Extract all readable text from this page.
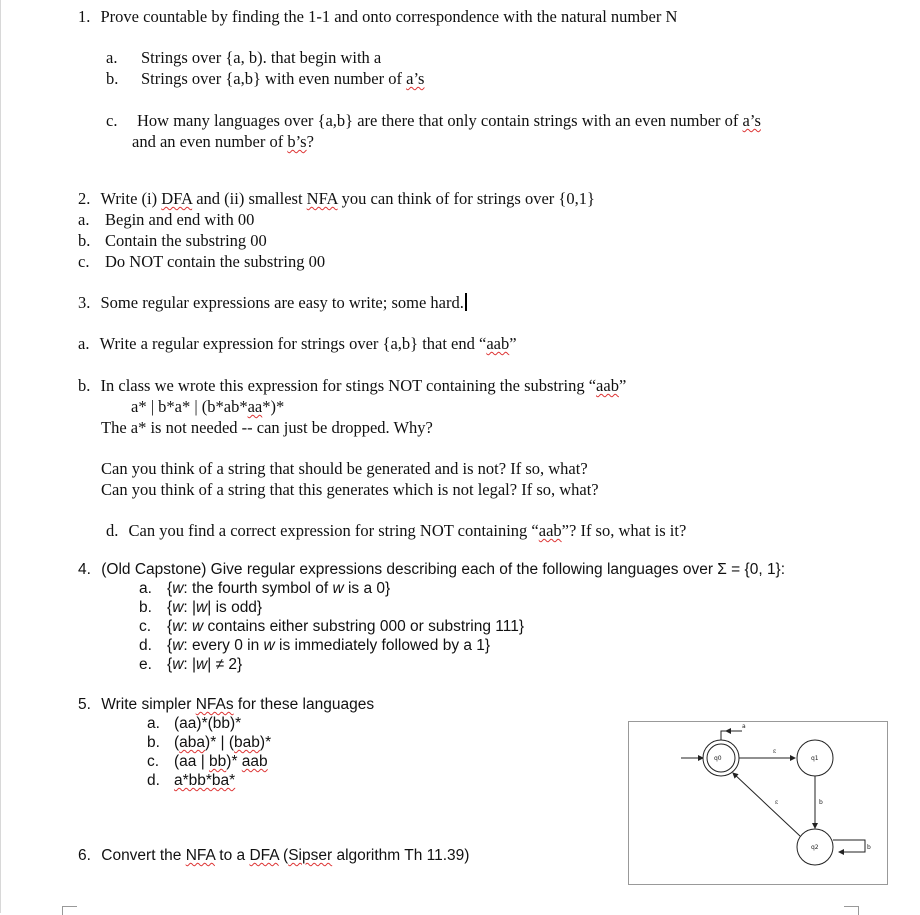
1. Prove countable by finding the 1-1 and onto correspondence with the natural number N
a. Strings over {a, b). that begin with a
b. Strings over {a,b} with even number of a’s
c. How many languages over {a,b} are there that only contain strings with an even number of a’s
and an even number of b’s?
2. Write (i) DFA and (ii) smallest NFA you can think of for strings over {0,1}
a. Begin and end with 00
b. Contain the substring 00
c. Do NOT contain the substring 00
3. Some regular expressions are easy to write; some hard.
a. Write a regular expression for strings over {a,b} that end “aab”
b. In class we wrote this expression for stings NOT containing the substring “aab”
a* | b*a* | (b*ab*aa*)*
The a* is not needed -- can just be dropped. Why?
Can you think of a string that should be generated and is not? If so, what?
Can you think of a string that this generates which is not legal? If so, what?
d. Can you find a correct expression for string NOT containing “aab”? If so, what is it?
4. (Old Capstone) Give regular expressions describing each of the following languages over Σ = {0, 1}:
a. {w: the fourth symbol of w is a 0}
b. {w: |w| is odd}
c. {w: w contains either substring 000 or substring 111}
d. {w: every 0 in w is immediately followed by a 1}
e. {w: |w| ≠ 2}
5. Write simpler NFAs for these languages
a. (aa)*(bb)*
b. (aba)* | (bab)*
c. (aa | bb)* aab
d. a*bb*ba*
6. Convert the NFA to a DFA (Sipser algorithm Th 11.39)
a
q0
ε
q1
b
ε
q2	b
